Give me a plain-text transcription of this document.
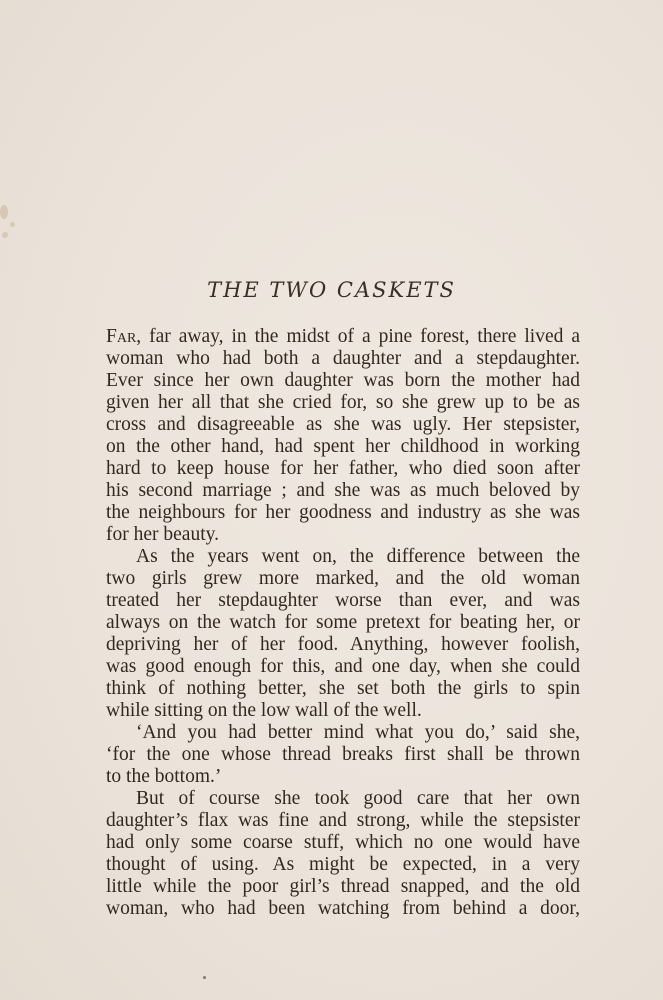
THE TWO CASKETS
Far, far away, in the midst of a pine forest, there lived a
woman who had both a daughter and a stepdaughter.
Ever since her own daughter was born the mother had
given her all that she cried for, so she grew up to be as
cross and disagreeable as she was ugly. Her stepsister,
on the other hand, had spent her childhood in working
hard to keep house for her father, who died soon after
his second marriage ; and she was as much beloved by
the neighbours for her goodness and industry as she was
for her beauty.
As the years went on, the difference between the
two girls grew more marked, and the old woman
treated her stepdaughter worse than ever, and was
always on the watch for some pretext for beating her, or
depriving her of her food. Anything, however foolish,
was good enough for this, and one day, when she could
think of nothing better, she set both the girls to spin
while sitting on the low wall of the well.
‘And you had better mind what you do,’ said she,
‘for the one whose thread breaks first shall be thrown
to the bottom.’
But of course she took good care that her own
daughter’s flax was fine and strong, while the stepsister
had only some coarse stuff, which no one would have
thought of using. As might be expected, in a very
little while the poor girl’s thread snapped, and the old
woman, who had been watching from behind a door,
